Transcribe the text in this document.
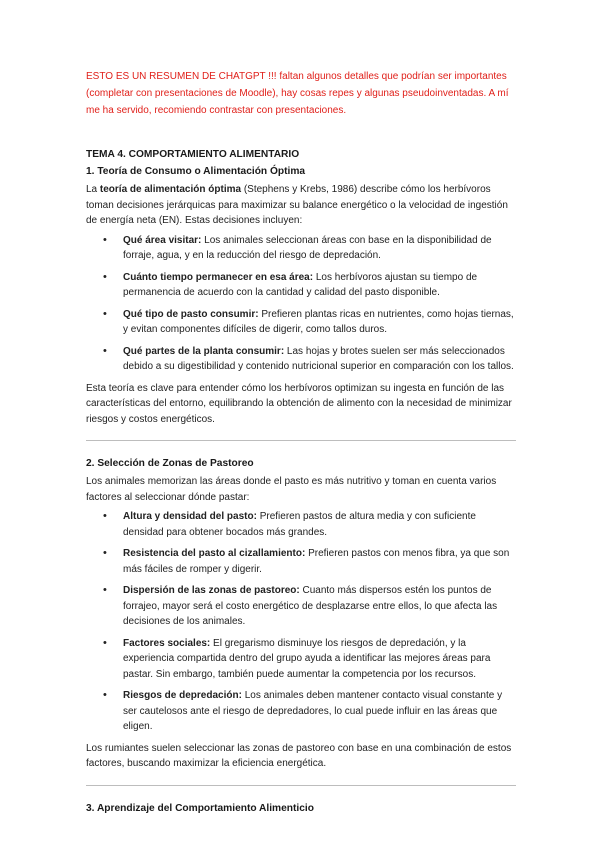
ESTO ES UN RESUMEN DE CHATGPT !!! faltan algunos detalles que podrían ser importantes (completar con presentaciones de Moodle), hay cosas repes y algunas pseudoinventadas. A mí me ha servido, recomiendo contrastar con presentaciones.

TEMA 4. COMPORTAMIENTO ALIMENTARIO

1. Teoría de Consumo o Alimentación Óptima

La teoría de alimentación óptima (Stephens y Krebs, 1986) describe cómo los herbívoros toman decisiones jerárquicas para maximizar su balance energético o la velocidad de ingestión de energía neta (EN). Estas decisiones incluyen:

• Qué área visitar: Los animales seleccionan áreas con base en la disponibilidad de forraje, agua, y en la reducción del riesgo de depredación.
• Cuánto tiempo permanecer en esa área: Los herbívoros ajustan su tiempo de permanencia de acuerdo con la cantidad y calidad del pasto disponible.
• Qué tipo de pasto consumir: Prefieren plantas ricas en nutrientes, como hojas tiernas, y evitan componentes difíciles de digerir, como tallos duros.
• Qué partes de la planta consumir: Las hojas y brotes suelen ser más seleccionados debido a su digestibilidad y contenido nutricional superior en comparación con los tallos.

Esta teoría es clave para entender cómo los herbívoros optimizan su ingesta en función de las características del entorno, equilibrando la obtención de alimento con la necesidad de minimizar riesgos y costos energéticos.

2. Selección de Zonas de Pastoreo

Los animales memorizan las áreas donde el pasto es más nutritivo y toman en cuenta varios factores al seleccionar dónde pastar:

• Altura y densidad del pasto: Prefieren pastos de altura media y con suficiente densidad para obtener bocados más grandes.
• Resistencia del pasto al cizallamiento: Prefieren pastos con menos fibra, ya que son más fáciles de romper y digerir.
• Dispersión de las zonas de pastoreo: Cuanto más dispersos estén los puntos de forrajeo, mayor será el costo energético de desplazarse entre ellos, lo que afecta las decisiones de los animales.
• Factores sociales: El gregarismo disminuye los riesgos de depredación, y la experiencia compartida dentro del grupo ayuda a identificar las mejores áreas para pastar. Sin embargo, también puede aumentar la competencia por los recursos.
• Riesgos de depredación: Los animales deben mantener contacto visual constante y ser cautelosos ante el riesgo de depredadores, lo cual puede influir en las áreas que eligen.

Los rumiantes suelen seleccionar las zonas de pastoreo con base en una combinación de estos factores, buscando maximizar la eficiencia energética.

3. Aprendizaje del Comportamiento Alimenticio
